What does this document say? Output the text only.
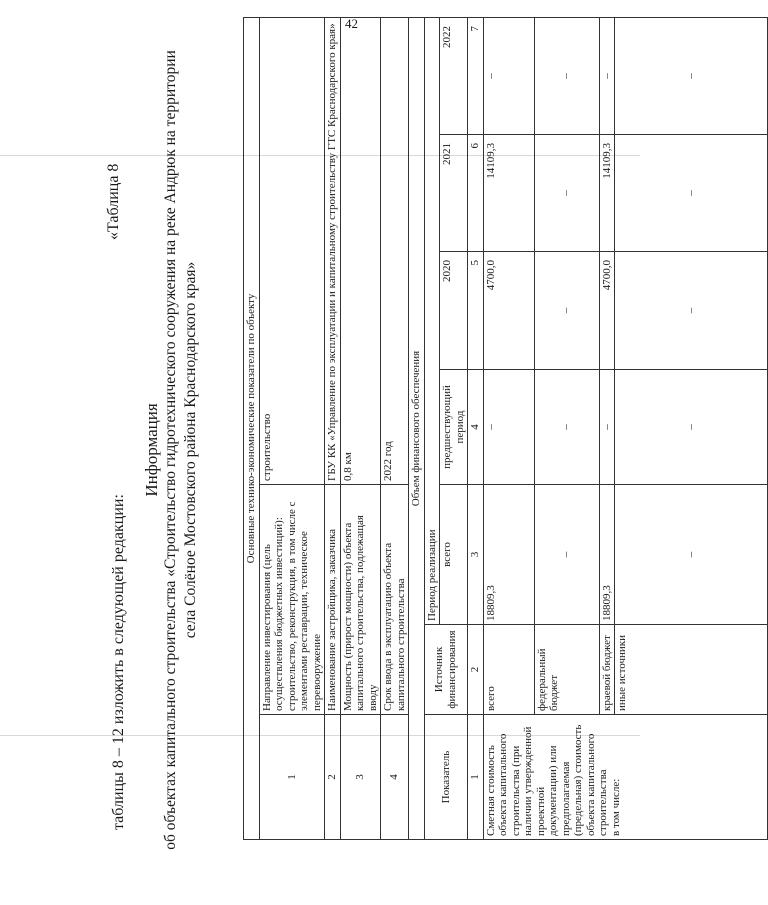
42
таблицы 8 – 12 изложить в следующей редакции:
«Таблица 8
Информация об объектах капитального строительства «Строительство гидротехнического сооружения на реке Андрюк на территории села Солёное Мостовского района Краснодарского края»	Основные технико-экономические показатели по объекту						
1	Направление инвестирования (цель осуществления бюджетных инвестиций): строительство, реконструкция, в том числе с элементами реставрации, техническое перевооружение		строительство			
2	Наименование застройщика, заказчика		ГБУ КК «Управление по эксплуатации и капитальному строительству ГТС Краснодарского края»			
3	Мощность (прирост мощности) объекта капитального строительства, подлежащая вводу		0,8 км			
4	Срок ввода в эксплуатацию объекта капитального строительства		2022 год			
Объем финансового обеспечения						
Показатель	Источник финансирования	Период реализации				
		всего	предшествующий период	2020	2021	2022
1	2	3	4	5	6	7

Сметная стоимость объекта капитального строительства (при наличии утвержденной проектной документации) или предполагаемая (предельная) стоимость объекта капитального строительства в том числе:	всего	18809,3	–	4700,0	14109,3	–
	федеральный бюджет	–	–	–	–	–
	краевой бюджет	18809,3	–	4700,0	14109,3	–
	иные источники	–	–	–	–	–
